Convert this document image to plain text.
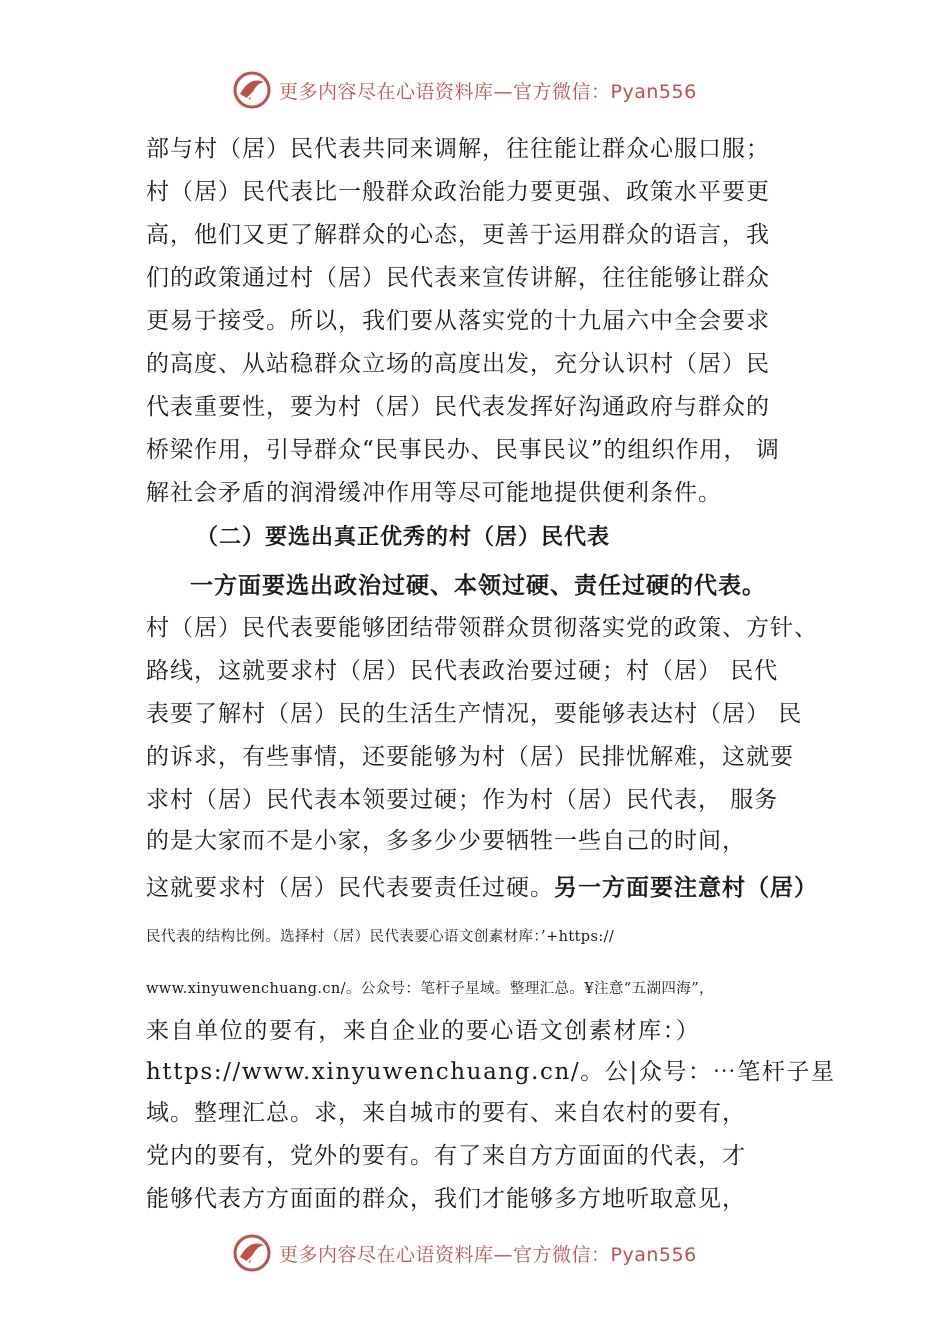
更多内容尽在心语资料库—官方微信：Pyan556
部与村（居）民代表共同来调解，往往能让群众心服口服；
村（居）民代表比一般群众政治能力要更强、政策水平要更
高，他们又更了解群众的心态，更善于运用群众的语言，我
们的政策通过村（居）民代表来宣传讲解，往往能够让群众
更易于接受。所以，我们要从落实党的十九届六中全会要求
的高度、从站稳群众立场的高度出发，充分认识村（居）民
代表重要性，要为村（居）民代表发挥好沟通政府与群众的
桥梁作用，引导群众“民事民办、民事民议”的组织作用， 调
解社会矛盾的润滑缓冲作用等尽可能地提供便利条件。
（二）要选出真正优秀的村（居）民代表
一方面要选出政治过硬、本领过硬、责任过硬的代表。
村（居）民代表要能够团结带领群众贯彻落实党的政策、方针、
路线，这就要求村（居）民代表政治要过硬；村（居） 民代
表要了解村（居）民的生活生产情况，要能够表达村（居） 民
的诉求，有些事情，还要能够为村（居）民排忧解难，这就要
求村（居）民代表本领要过硬；作为村（居）民代表， 服务
的是大家而不是小家，多多少少要牺牲一些自己的时间，
这就要求村（居）民代表要责任过硬。另一方面要注意村（居）
民代表的结构比例。选择村（居）民代表要心语文创素材库：’+https://
www.xinyuwenchuang.cn/。公众号：笔杆子星域。整理汇总。¥注意“五湖四海”，
来自单位的要有，来自企业的要心语文创素材库：）
https://www.xinyuwenchuang.cn/。公|众号：⋯笔杆子星
域。整理汇总。求，来自城市的要有、来自农村的要有，
党内的要有，党外的要有。有了来自方方面面的代表，才
能够代表方方面面的群众，我们才能够多方地听取意见，
更多内容尽在心语资料库—官方微信：Pyan556
